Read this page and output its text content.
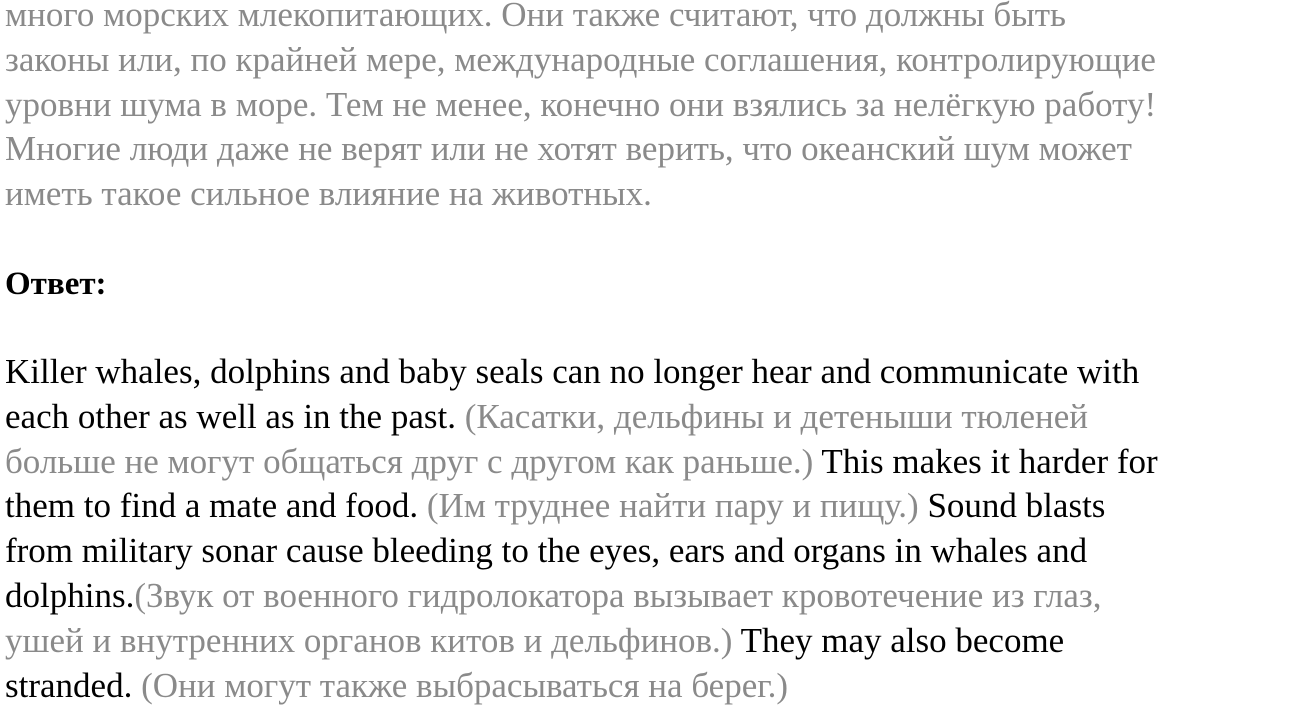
много морских млекопитающих. Они также считают, что должны быть
законы или, по крайней мере, международные соглашения, контролирующие
уровни шума в море. Тем не менее, конечно они взялись за нелёгкую работу!
Многие люди даже не верят или не хотят верить, что океанский шум может
иметь такое сильное влияние на животных.

Ответ:

Killer whales, dolphins and baby seals can no longer hear and communicate with
each other as well as in the past. (Касатки, дельфины и детеныши тюленей
больше не могут общаться друг с другом как раньше.) This makes it harder for
them to find a mate and food. (Им труднее найти пару и пищу.) Sound blasts
from military sonar cause bleeding to the eyes, ears and organs in whales and
dolphins.(Звук от военного гидролокатора вызывает кровотечение из глаз,
ушей и внутренних органов китов и дельфинов.) They may also become
stranded. (Они могут также выбрасываться на берег.)
